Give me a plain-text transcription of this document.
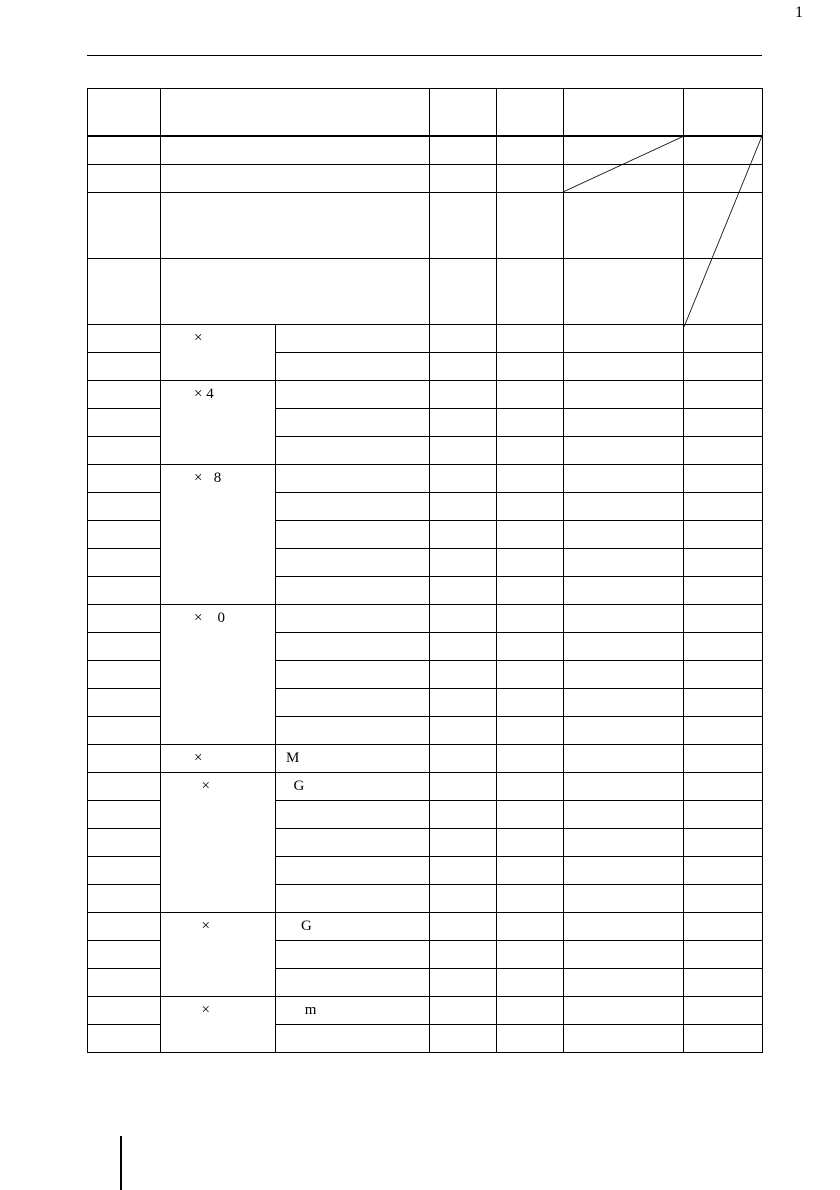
1

	×					

	× 4					

	×   8					

	×    0					

	×	M				
	×	G				

	×	G				

	×	m				
